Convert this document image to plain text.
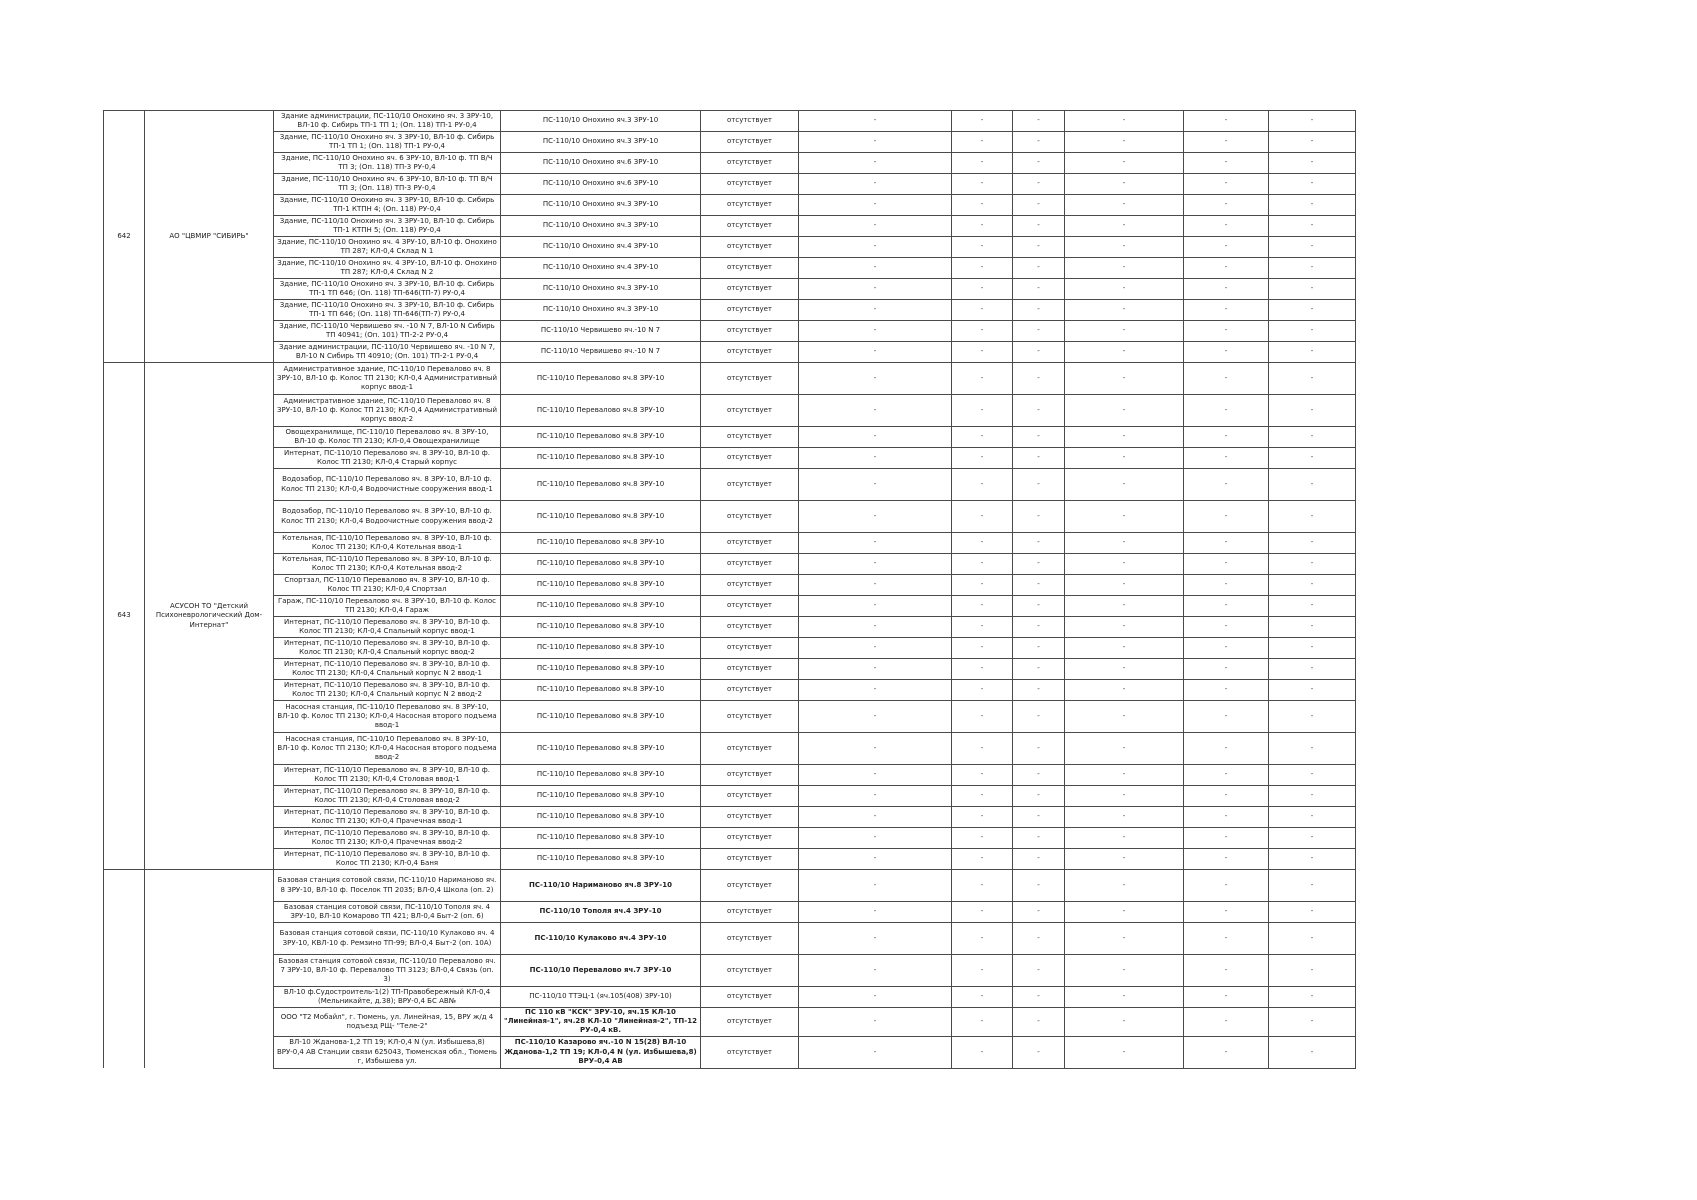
642	АО "ЦВМИР "СИБИРЬ"	Здание администрации, ПС-110/10 Онохино яч. 3 ЗРУ-10, ВЛ-10 ф. Сибирь ТП-1 ТП 1; (Оп. 118) ТП-1 РУ-0,4	ПС-110/10 Онохино яч.3 ЗРУ-10	отсутствует	-	-	-	-	-	-
		Здание, ПС-110/10 Онохино яч. 3 ЗРУ-10, ВЛ-10 ф. Сибирь ТП-1 ТП 1; (Оп. 118) ТП-1 РУ-0,4	ПС-110/10 Онохино яч.3 ЗРУ-10	отсутствует	-	-	-	-	-	-
		Здание, ПС-110/10 Онохино яч. 6 ЗРУ-10, ВЛ-10 ф. ТП В/Ч ТП 3; (Оп. 118) ТП-3 РУ-0,4	ПС-110/10 Онохино яч.6 ЗРУ-10	отсутствует	-	-	-	-	-	-
		Здание, ПС-110/10 Онохино яч. 6 ЗРУ-10, ВЛ-10 ф. ТП В/Ч ТП 3; (Оп. 118) ТП-3 РУ-0,4	ПС-110/10 Онохино яч.6 ЗРУ-10	отсутствует	-	-	-	-	-	-
		Здание, ПС-110/10 Онохино яч. 3 ЗРУ-10, ВЛ-10 ф. Сибирь ТП-1 КТПН 4; (Оп. 118) РУ-0,4	ПС-110/10 Онохино яч.3 ЗРУ-10	отсутствует	-	-	-	-	-	-
		Здание, ПС-110/10 Онохино яч. 3 ЗРУ-10, ВЛ-10 ф. Сибирь ТП-1 КТПН 5; (Оп. 118) РУ-0,4	ПС-110/10 Онохино яч.3 ЗРУ-10	отсутствует	-	-	-	-	-	-
		Здание, ПС-110/10 Онохино яч. 4 ЗРУ-10, ВЛ-10 ф. Онохино ТП 287; КЛ-0,4 Склад N 1	ПС-110/10 Онохино яч.4 ЗРУ-10	отсутствует	-	-	-	-	-	-
		Здание, ПС-110/10 Онохино яч. 4 ЗРУ-10, ВЛ-10 ф. Онохино ТП 287; КЛ-0,4 Склад N 2	ПС-110/10 Онохино яч.4 ЗРУ-10	отсутствует	-	-	-	-	-	-
		Здание, ПС-110/10 Онохино яч. 3 ЗРУ-10, ВЛ-10 ф. Сибирь ТП-1 ТП 646; (Оп. 118) ТП-646(ТП-7) РУ-0,4	ПС-110/10 Онохино яч.3 ЗРУ-10	отсутствует	-	-	-	-	-	-
		Здание, ПС-110/10 Онохино яч. 3 ЗРУ-10, ВЛ-10 ф. Сибирь ТП-1 ТП 646; (Оп. 118) ТП-646(ТП-7) РУ-0,4	ПС-110/10 Онохино яч.3 ЗРУ-10	отсутствует	-	-	-	-	-	-
		Здание, ПС-110/10 Червишево яч. -10 N 7, ВЛ-10 N Сибирь ТП 40941; (Оп. 101) ТП-2-2 РУ-0,4	ПС-110/10 Червишево яч.-10 N 7	отсутствует	-	-	-	-	-	-
		Здание администрации, ПС-110/10 Червишево яч. -10 N 7, ВЛ-10 N Сибирь ТП 40910; (Оп. 101) ТП-2-1 РУ-0,4	ПС-110/10 Червишево яч.-10 N 7	отсутствует	-	-	-	-	-	-
643	АСУСОН ТО "Детский Психоневрологический Дом-Интернат"	Административное здание, ПС-110/10 Перевалово яч. 8 ЗРУ-10, ВЛ-10 ф. Колос ТП 2130; КЛ-0,4 Административный корпус ввод-1	ПС-110/10 Перевалово яч.8 ЗРУ-10	отсутствует	-	-	-	-	-	-
		Административное здание, ПС-110/10 Перевалово яч. 8 ЗРУ-10, ВЛ-10 ф. Колос ТП 2130; КЛ-0,4 Административный корпус ввод-2	ПС-110/10 Перевалово яч.8 ЗРУ-10	отсутствует	-	-	-	-	-	-
		Овощехранилище, ПС-110/10 Перевалово яч. 8 ЗРУ-10, ВЛ-10 ф. Колос ТП 2130; КЛ-0,4 Овощехранилище	ПС-110/10 Перевалово яч.8 ЗРУ-10	отсутствует	-	-	-	-	-	-
		Интернат, ПС-110/10 Перевалово яч. 8 ЗРУ-10, ВЛ-10 ф. Колос ТП 2130; КЛ-0,4 Старый корпус	ПС-110/10 Перевалово яч.8 ЗРУ-10	отсутствует	-	-	-	-	-	-
		Водозабор, ПС-110/10 Перевалово яч. 8 ЗРУ-10, ВЛ-10 ф. Колос ТП 2130; КЛ-0,4 Водоочистные сооружения ввод-1	ПС-110/10 Перевалово яч.8 ЗРУ-10	отсутствует	-	-	-	-	-	-
		Водозабор, ПС-110/10 Перевалово яч. 8 ЗРУ-10, ВЛ-10 ф. Колос ТП 2130; КЛ-0,4 Водоочистные сооружения ввод-2	ПС-110/10 Перевалово яч.8 ЗРУ-10	отсутствует	-	-	-	-	-	-
		Котельная, ПС-110/10 Перевалово яч. 8 ЗРУ-10, ВЛ-10 ф. Колос ТП 2130; КЛ-0,4 Котельная ввод-1	ПС-110/10 Перевалово яч.8 ЗРУ-10	отсутствует	-	-	-	-	-	-
		Котельная, ПС-110/10 Перевалово яч. 8 ЗРУ-10, ВЛ-10 ф. Колос ТП 2130; КЛ-0,4 Котельная ввод-2	ПС-110/10 Перевалово яч.8 ЗРУ-10	отсутствует	-	-	-	-	-	-
		Спортзал, ПС-110/10 Перевалово яч. 8 ЗРУ-10, ВЛ-10 ф. Колос ТП 2130; КЛ-0,4 Спортзал	ПС-110/10 Перевалово яч.8 ЗРУ-10	отсутствует	-	-	-	-	-	-
		Гараж, ПС-110/10 Перевалово яч. 8 ЗРУ-10, ВЛ-10 ф. Колос ТП 2130; КЛ-0,4 Гараж	ПС-110/10 Перевалово яч.8 ЗРУ-10	отсутствует	-	-	-	-	-	-
		Интернат, ПС-110/10 Перевалово яч. 8 ЗРУ-10, ВЛ-10 ф. Колос ТП 2130; КЛ-0,4 Спальный корпус ввод-1	ПС-110/10 Перевалово яч.8 ЗРУ-10	отсутствует	-	-	-	-	-	-
		Интернат, ПС-110/10 Перевалово яч. 8 ЗРУ-10, ВЛ-10 ф. Колос ТП 2130; КЛ-0,4 Спальный корпус ввод-2	ПС-110/10 Перевалово яч.8 ЗРУ-10	отсутствует	-	-	-	-	-	-
		Интернат, ПС-110/10 Перевалово яч. 8 ЗРУ-10, ВЛ-10 ф. Колос ТП 2130; КЛ-0,4 Спальный корпус N 2 ввод-1	ПС-110/10 Перевалово яч.8 ЗРУ-10	отсутствует	-	-	-	-	-	-
		Интернат, ПС-110/10 Перевалово яч. 8 ЗРУ-10, ВЛ-10 ф. Колос ТП 2130; КЛ-0,4 Спальный корпус N 2 ввод-2	ПС-110/10 Перевалово яч.8 ЗРУ-10	отсутствует	-	-	-	-	-	-
		Насосная станция, ПС-110/10 Перевалово яч. 8 ЗРУ-10, ВЛ-10 ф. Колос ТП 2130; КЛ-0,4 Насосная второго подъема ввод-1	ПС-110/10 Перевалово яч.8 ЗРУ-10	отсутствует	-	-	-	-	-	-
		Насосная станция, ПС-110/10 Перевалово яч. 8 ЗРУ-10, ВЛ-10 ф. Колос ТП 2130; КЛ-0,4 Насосная второго подъема ввод-2	ПС-110/10 Перевалово яч.8 ЗРУ-10	отсутствует	-	-	-	-	-	-
		Интернат, ПС-110/10 Перевалово яч. 8 ЗРУ-10, ВЛ-10 ф. Колос ТП 2130; КЛ-0,4 Столовая ввод-1	ПС-110/10 Перевалово яч.8 ЗРУ-10	отсутствует	-	-	-	-	-	-
		Интернат, ПС-110/10 Перевалово яч. 8 ЗРУ-10, ВЛ-10 ф. Колос ТП 2130; КЛ-0,4 Столовая ввод-2	ПС-110/10 Перевалово яч.8 ЗРУ-10	отсутствует	-	-	-	-	-	-
		Интернат, ПС-110/10 Перевалово яч. 8 ЗРУ-10, ВЛ-10 ф. Колос ТП 2130; КЛ-0,4 Прачечная ввод-1	ПС-110/10 Перевалово яч.8 ЗРУ-10	отсутствует	-	-	-	-	-	-
		Интернат, ПС-110/10 Перевалово яч. 8 ЗРУ-10, ВЛ-10 ф. Колос ТП 2130; КЛ-0,4 Прачечная ввод-2	ПС-110/10 Перевалово яч.8 ЗРУ-10	отсутствует	-	-	-	-	-	-
		Интернат, ПС-110/10 Перевалово яч. 8 ЗРУ-10, ВЛ-10 ф. Колос ТП 2130; КЛ-0,4 Баня	ПС-110/10 Перевалово яч.8 ЗРУ-10	отсутствует	-	-	-	-	-	-
		Базовая станция сотовой связи, ПС-110/10 Нариманово яч. 8 ЗРУ-10, ВЛ-10 ф. Поселок ТП 2035; ВЛ-0,4 Школа (оп. 2)	ПС-110/10 Нариманово яч.8 ЗРУ-10	отсутствует	-	-	-	-	-	-
		Базовая станция сотовой связи, ПС-110/10 Тополя яч. 4 ЗРУ-10, ВЛ-10 Комарово ТП 421; ВЛ-0,4 Быт-2 (оп. 6)	ПС-110/10 Тополя яч.4 ЗРУ-10	отсутствует	-	-	-	-	-	-
		Базовая станция сотовой связи, ПС-110/10 Кулаково яч. 4 ЗРУ-10, КВЛ-10 ф. Ремзино ТП-99; ВЛ-0,4 Быт-2 (оп. 10А)	ПС-110/10 Кулаково яч.4 ЗРУ-10	отсутствует	-	-	-	-	-	-
		Базовая станция сотовой связи, ПС-110/10 Перевалово яч. 7 ЗРУ-10, ВЛ-10 ф. Перевалово ТП 3123; ВЛ-0,4 Связь (оп. 3)	ПС-110/10 Перевалово яч.7 ЗРУ-10	отсутствует	-	-	-	-	-	-
		ВЛ-10 ф.Судостроитель-1(2) ТП-Правобережный КЛ-0,4 (Мельникайте, д.38); ВРУ-0,4 БС АВ№	ПС-110/10 ТТЭЦ-1 (яч.105(408) ЗРУ-10)	отсутствует	-	-	-	-	-	-
		ООО "Т2 Мобайл", г. Тюмень, ул. Линейная, 15, ВРУ ж/д 4 подъезд РЩ- "Теле-2"	ПС 110 кВ "КСК" ЗРУ-10, яч.15 КЛ-10 "Линейная-1", яч.28 КЛ-10 "Линейная-2", ТП-12 РУ-0,4 кВ.	отсутствует	-	-	-	-	-	-
		ВЛ-10 Жданова-1,2 ТП 19; КЛ-0,4 N (ул. Избышева,8) ВРУ-0,4 АВ Станции связи 625043, Тюменская обл., Тюмень г, Избышева ул.	ПС-110/10 Казарово яч.-10 N 15(28) ВЛ-10 Жданова-1,2 ТП 19; КЛ-0,4 N (ул. Избышева,8) ВРУ-0,4 АВ	отсутствует	-	-	-	-	-	-
